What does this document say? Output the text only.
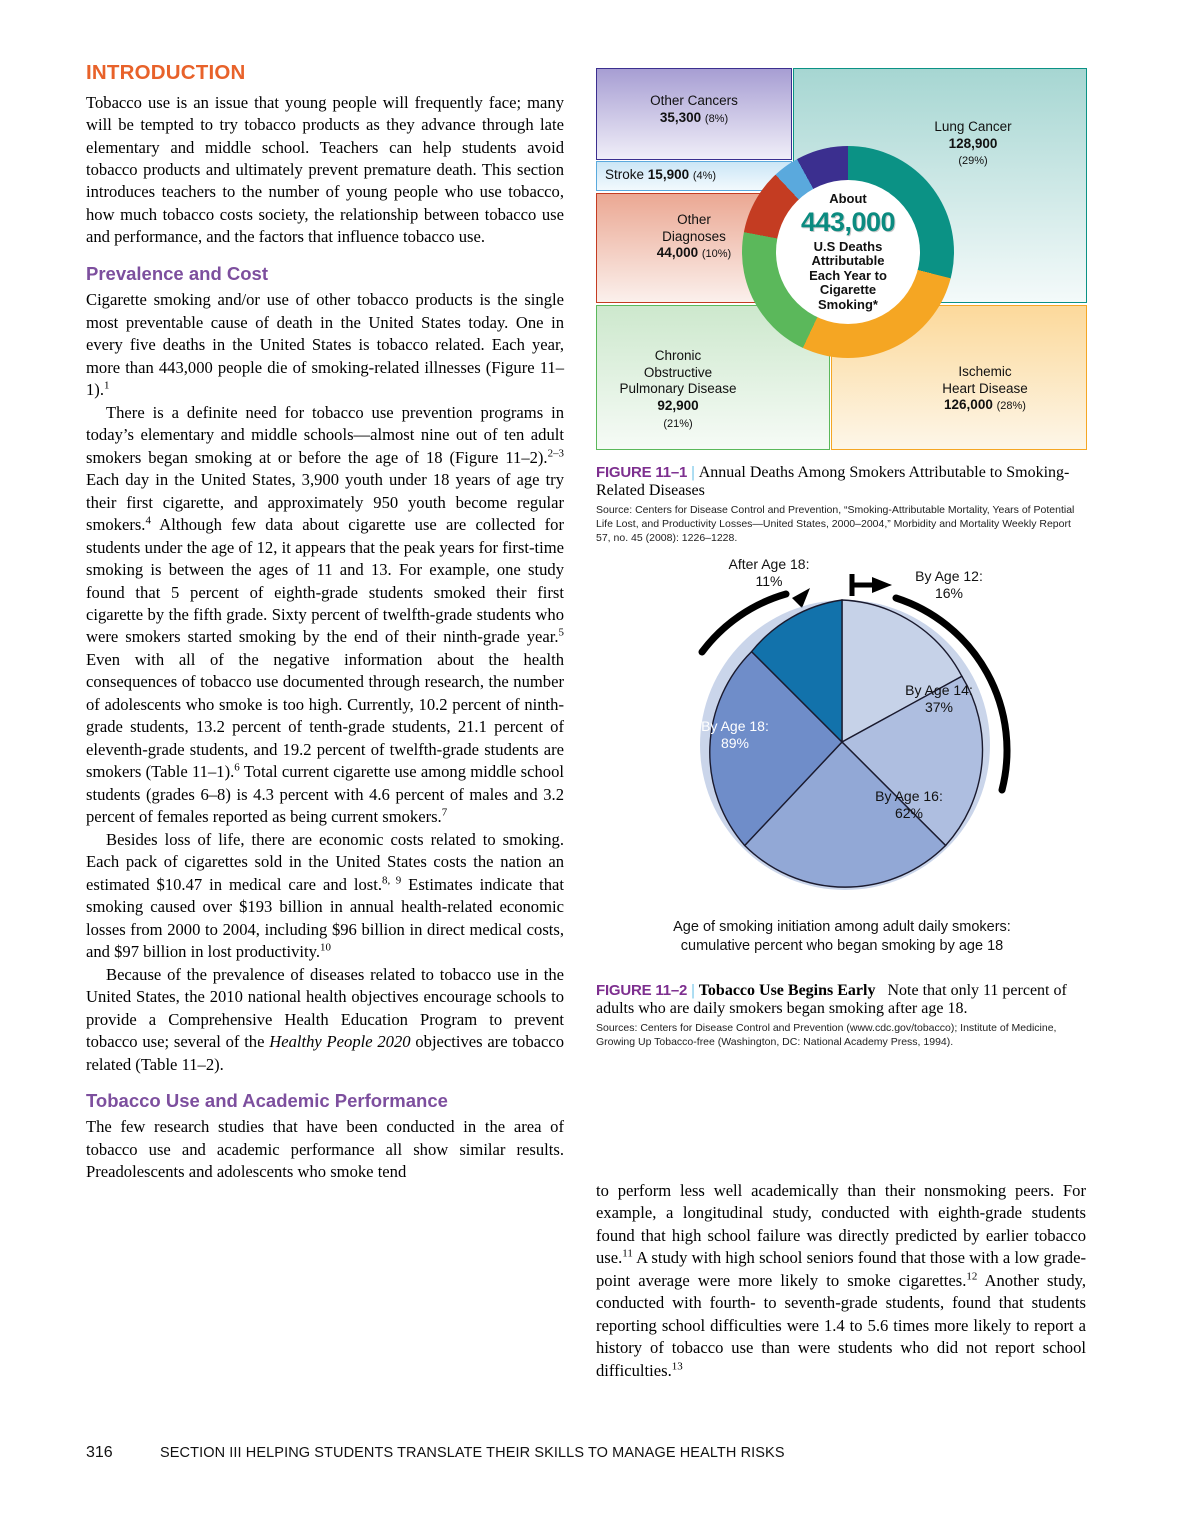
INTRODUCTION

Tobacco use is an issue that young people will frequently face; many will be tempted to try tobacco products as they advance through late elementary and middle school. Teachers can help students avoid tobacco products and ultimately prevent premature death. This section introduces teachers to the number of young people who use tobacco, how much tobacco costs society, the relationship between tobacco use and performance, and the factors that influence tobacco use.

Prevalence and Cost

Cigarette smoking and/or use of other tobacco products is the single most preventable cause of death in the United States today. One in every five deaths in the United States is tobacco related. Each year, more than 443,000 people die of smoking-related illnesses (Figure 11–1).$^1$

There is a definite need for tobacco use prevention programs in today’s elementary and middle schools—almost nine out of ten adult smokers began smoking at or before the age of 18 (Figure 11–2).$^{2-3}$ Each day in the United States, 3,900 youth under 18 years of age try their first cigarette, and approximately 950 youth become regular smokers.$^4$ Although few data about cigarette use are collected for students under the age of 12, it appears that the peak years for first-time smoking is between the ages of 11 and 13. For example, one study found that 5 percent of eighth-grade students smoked their first cigarette by the fifth grade. Sixty percent of twelfth-grade students who were smokers started smoking by the end of their ninth-grade year.$^5$ Even with all of the negative information about the health consequences of tobacco use documented through research, the number of adolescents who smoke is too high. Currently, 10.2 percent of ninth-grade students, 13.2 percent of tenth-grade students, 21.1 percent of eleventh-grade students, and 19.2 percent of twelfth-grade students are smokers (Table 11–1).$^6$ Total current cigarette use among middle school students (grades 6–8) is 4.3 percent with 4.6 percent of males and 3.2 percent of females reported as being current smokers.$^7$

Besides loss of life, there are economic costs related to smoking. Each pack of cigarettes sold in the United States costs the nation an estimated $10.47 in medical care and lost.$^{8, 9}$ Estimates indicate that smoking caused over $193 billion in annual health-related economic losses from 2000 to 2004, including $96 billion in direct medical costs, and $97 billion in lost productivity.$^{10}$

Because of the prevalence of diseases related to tobacco use in the United States, the 2010 national health objectives encourage schools to provide a Comprehensive Health Education Program to prevent tobacco use; several of the Healthy People 2020 objectives are tobacco related (Table 11–2).

Tobacco Use and Academic Performance

The few research studies that have been conducted in the area of tobacco use and academic performance all show similar results. Preadolescents and adolescents who smoke tend

Other Cancers
35,300 (8%)
Stroke 15,900 (4%)
Other
Diagnoses
44,000 (10%)
Chronic
Obstructive
Pulmonary Disease
92,900
(21%)
Lung Cancer
128,900
(29%)
Ischemic
Heart Disease
126,000 (28%)
About
443,000
U.S Deaths
Attributable
Each Year to
Cigarette
Smoking*
FIGURE 11–1 | Annual Deaths Among Smokers Attributable to Smoking-Related Diseases
Source: Centers for Disease Control and Prevention, “Smoking-Attributable Mortality, Years of Potential Life Lost, and Productivity Losses—United States, 2000–2004,” Morbidity and Mortality Weekly Report 57, no. 45 (2008): 1226–1228.
After Age 18:
11%	By Age 12:
16%
By Age 14:
37%
By Age 16:
62%
By Age 18:
89%
Age of smoking initiation among adult daily smokers:
cumulative percent who began smoking by age 18
FIGURE 11–2 | Tobacco Use Begins Early Note that only 11 percent of adults who are daily smokers began smoking after age 18.
Sources: Centers for Disease Control and Prevention (www.cdc.gov/tobacco); Institute of Medicine, Growing Up Tobacco-free (Washington, DC: National Academy Press, 1994).

to perform less well academically than their nonsmoking peers. For example, a longitudinal study, conducted with eighth-grade students found that high school failure was directly predicted by earlier tobacco use.$^{11}$ A study with high school seniors found that those with a low grade-point average were more likely to smoke cigarettes.$^{12}$ Another study, conducted with fourth- to seventh-grade students, found that students reporting school difficulties were 1.4 to 5.6 times more likely to report a history of tobacco use than were students who did not report school difficulties.$^{13}$

316	SECTION III HELPING STUDENTS TRANSLATE THEIR SKILLS TO MANAGE HEALTH RISKS
